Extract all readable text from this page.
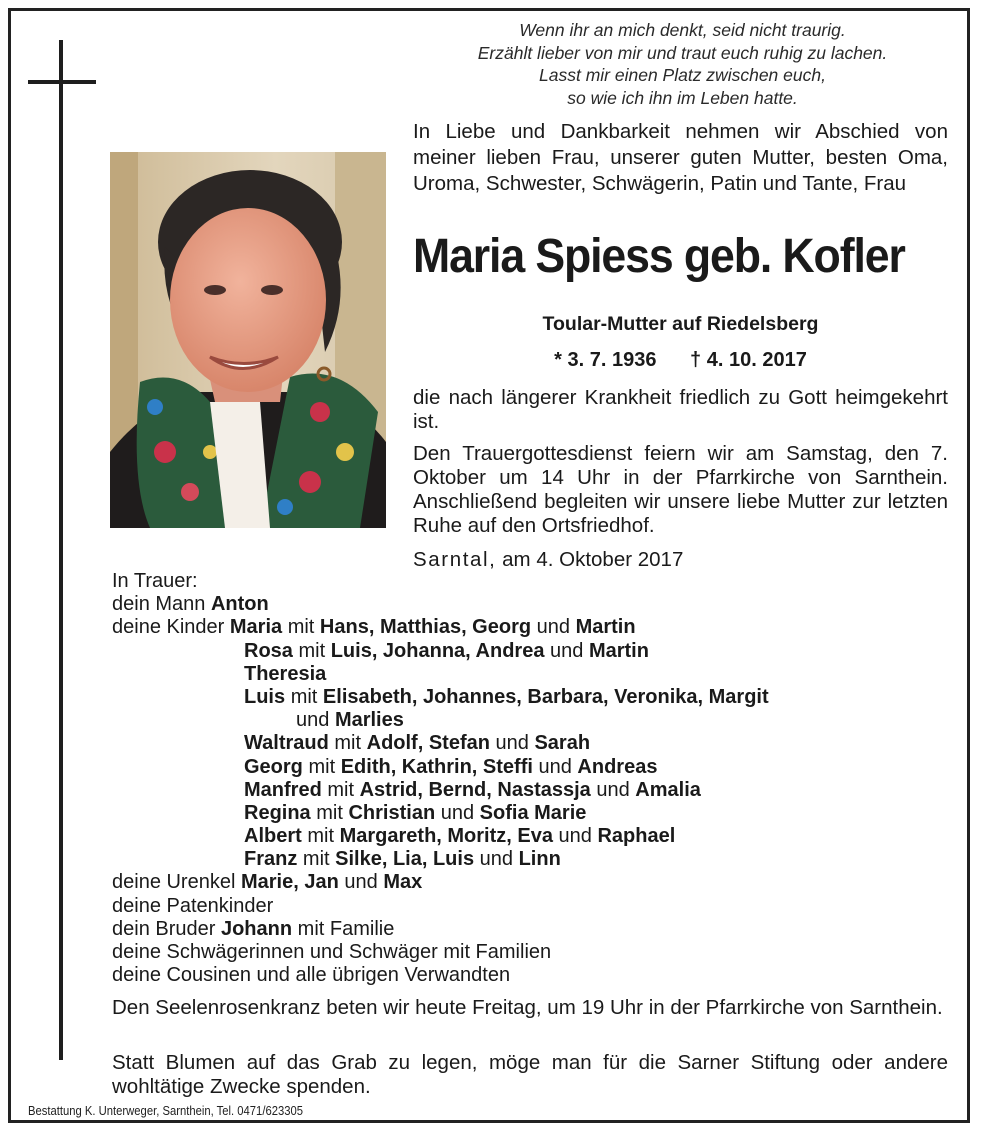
Wenn ihr an mich denkt, seid nicht traurig.
Erzählt lieber von mir und traut euch ruhig zu lachen.
Lasst mir einen Platz zwischen euch,
so wie ich ihn im Leben hatte.
In Liebe und Dankbarkeit nehmen wir Abschied von meiner lieben Frau, unserer guten Mutter, besten Oma, Uroma, Schwester, Schwägerin, Patin und Tante, Frau
Maria Spiess geb. Kofler
Toular-Mutter auf Riedelsberg
* 3. 7. 1936 † 4. 10. 2017
die nach längerer Krankheit friedlich zu Gott heimgekehrt ist.
Den Trauergottesdienst feiern wir am Samstag, den 7. Oktober um 14 Uhr in der Pfarrkirche von Sarnthein. Anschließend begleiten wir unsere liebe Mutter zur letzten Ruhe auf den Ortsfriedhof.
Sarntal, am 4. Oktober 2017
In Trauer:
dein Mann Anton
deine Kinder Maria mit Hans, Matthias, Georg und Martin
Rosa mit Luis, Johanna, Andrea und Martin
Theresia
Luis mit Elisabeth, Johannes, Barbara, Veronika, Margit
und Marlies
Waltraud mit Adolf, Stefan und Sarah
Georg mit Edith, Kathrin, Steffi und Andreas
Manfred mit Astrid, Bernd, Nastassja und Amalia
Regina mit Christian und Sofia Marie
Albert mit Margareth, Moritz, Eva und Raphael
Franz mit Silke, Lia, Luis und Linn
deine Urenkel Marie, Jan und Max
deine Patenkinder
dein Bruder Johann mit Familie
deine Schwägerinnen und Schwäger mit Familien
deine Cousinen und alle übrigen Verwandten
Den Seelenrosenkranz beten wir heute Freitag, um 19 Uhr in der Pfarrkirche von Sarnthein.
Statt Blumen auf das Grab zu legen, möge man für die Sarner Stiftung oder andere wohltätige Zwecke spenden.
Bestattung K. Unterweger, Sarnthein, Tel. 0471/623305
